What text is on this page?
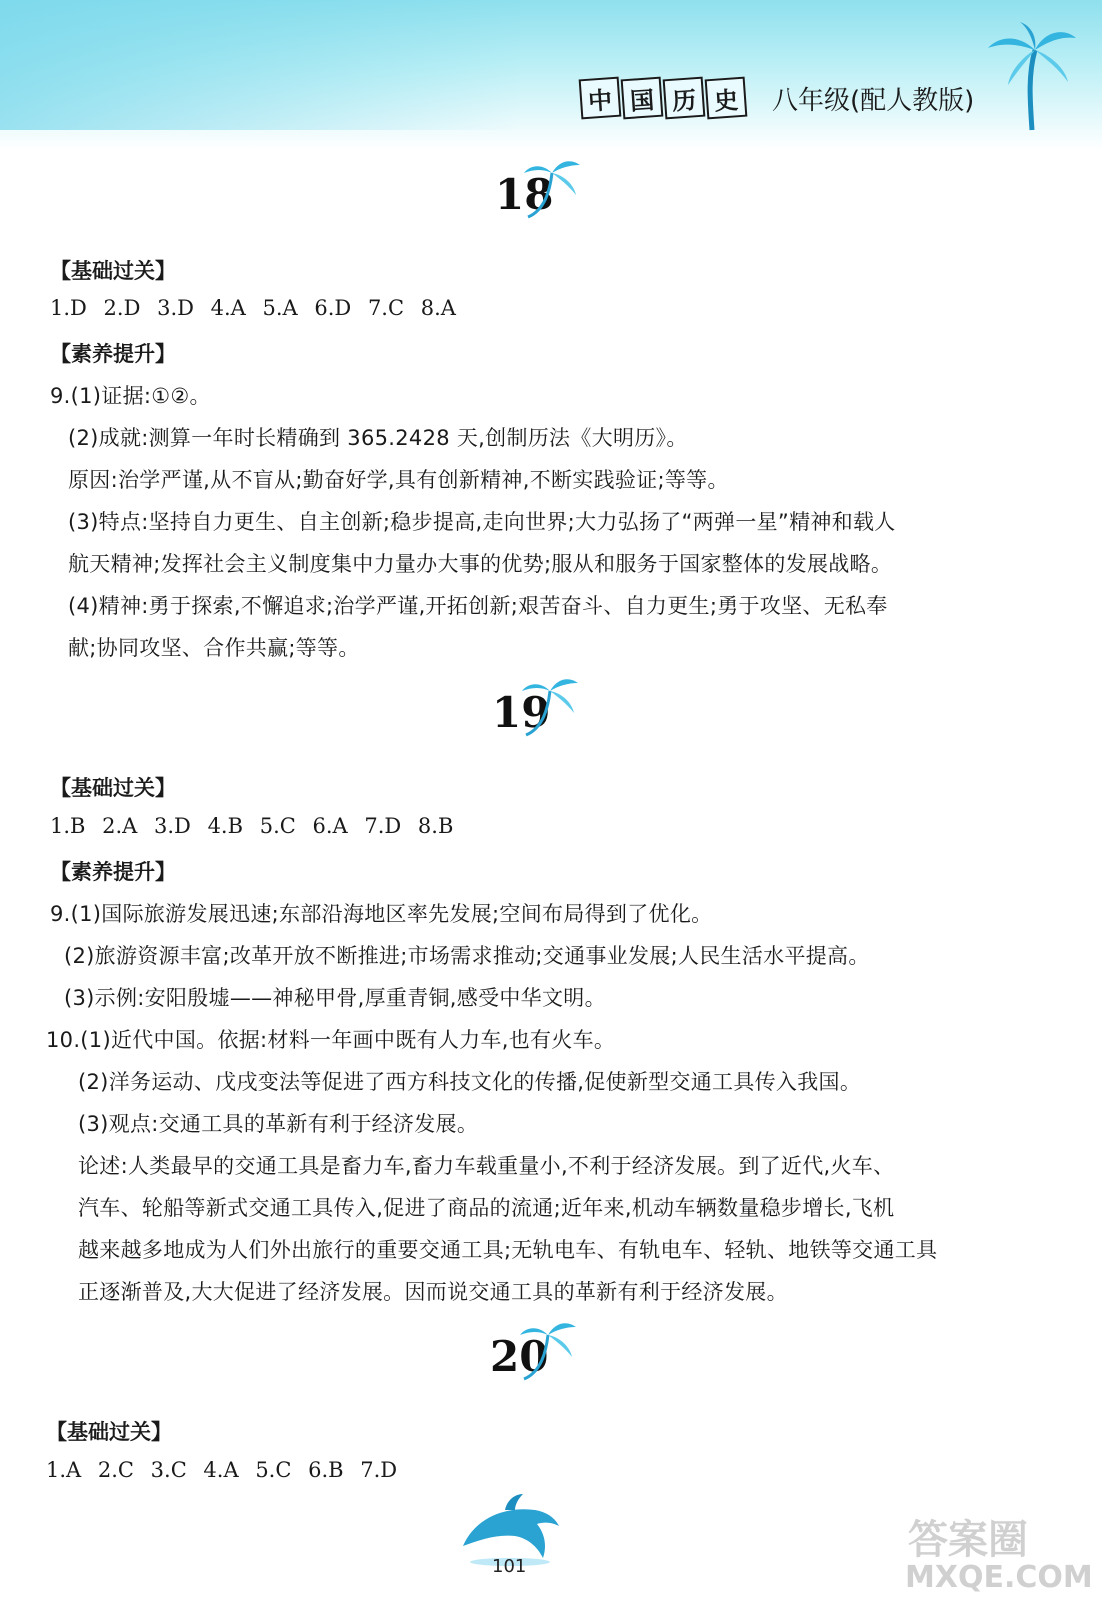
中 国 历 史	八年级(配人教版)
18
【基础过关】
1.D 2.D 3.D 4.A 5.A 6.D 7.C 8.A
【素养提升】
9.(1)证据:①②。
(2)成就:测算一年时长精确到 365.2428 天,创制历法《大明历》。
原因:治学严谨,从不盲从;勤奋好学,具有创新精神,不断实践验证;等等。
(3)特点:坚持自力更生、自主创新;稳步提高,走向世界;大力弘扬了“两弹一星”精神和载人
航天精神;发挥社会主义制度集中力量办大事的优势;服从和服务于国家整体的发展战略。
(4)精神:勇于探索,不懈追求;治学严谨,开拓创新;艰苦奋斗、自力更生;勇于攻坚、无私奉
献;协同攻坚、合作共赢;等等。
19
【基础过关】
1.B 2.A 3.D 4.B 5.C 6.A 7.D 8.B
【素养提升】
9.(1)国际旅游发展迅速;东部沿海地区率先发展;空间布局得到了优化。
(2)旅游资源丰富;改革开放不断推进;市场需求推动;交通事业发展;人民生活水平提高。
(3)示例:安阳殷墟——神秘甲骨,厚重青铜,感受中华文明。
10.(1)近代中国。依据:材料一年画中既有人力车,也有火车。
(2)洋务运动、戊戌变法等促进了西方科技文化的传播,促使新型交通工具传入我国。
(3)观点:交通工具的革新有利于经济发展。
论述:人类最早的交通工具是畜力车,畜力车载重量小,不利于经济发展。到了近代,火车、
汽车、轮船等新式交通工具传入,促进了商品的流通;近年来,机动车辆数量稳步增长,飞机
越来越多地成为人们外出旅行的重要交通工具;无轨电车、有轨电车、轻轨、地铁等交通工具
正逐渐普及,大大促进了经济发展。因而说交通工具的革新有利于经济发展。
20
【基础过关】
1.A 2.C 3.C 4.A 5.C 6.B 7.D
101
答案圈
MXQE.COM
